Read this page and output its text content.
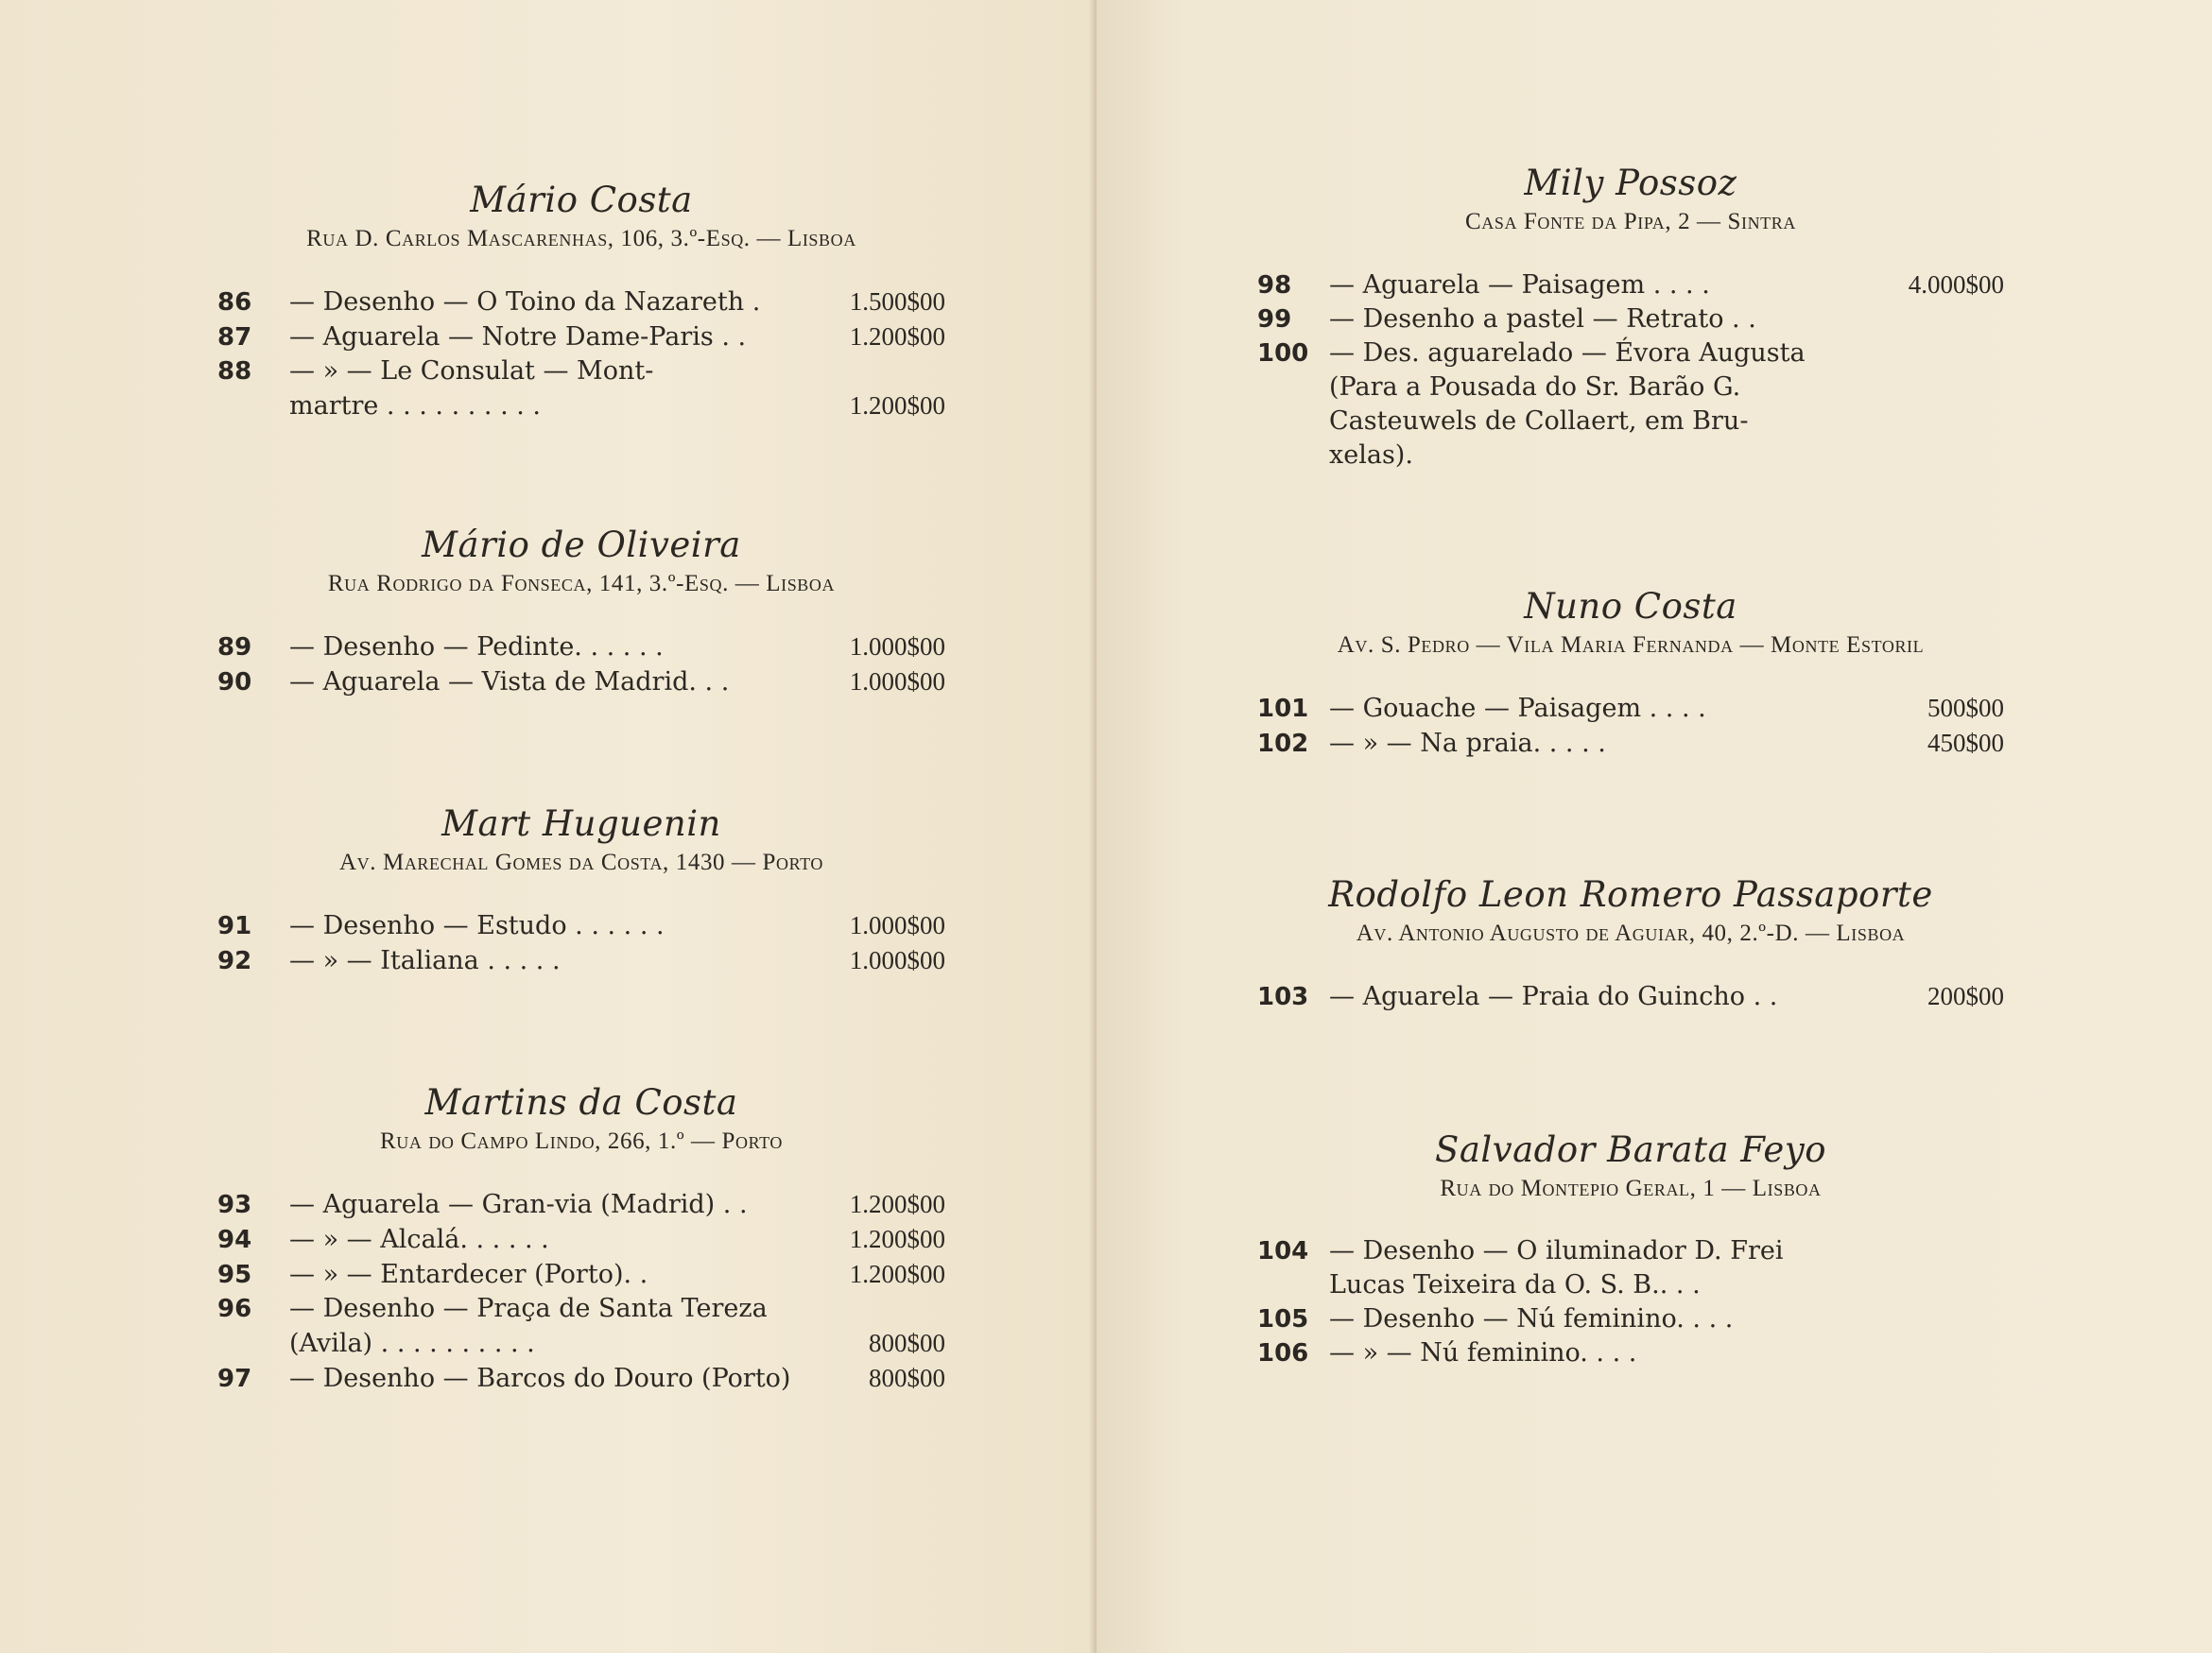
Mário Costa
Rua D. Carlos Mascarenhas, 106, 3.º-Esq. — Lisboa
86	— Desenho — O Toino da Nazareth .	1.500$00
87	— Aguarela — Notre Dame-Paris . .	1.200$00
88	— » — Le Consulat — Mont-
martre . . . . . . . . . .	1.200$00
Mário de Oliveira
Rua Rodrigo da Fonseca, 141, 3.º-Esq. — Lisboa
89	— Desenho — Pedinte. . . . . .	1.000$00
90	— Aguarela — Vista de Madrid. . .	1.000$00
Mart Huguenin
Av. Marechal Gomes da Costa, 1430 — Porto
91	— Desenho — Estudo . . . . . .	1.000$00
92	— » — Italiana . . . . .	1.000$00
Martins da Costa
Rua do Campo Lindo, 266, 1.º — Porto
93	— Aguarela — Gran-via (Madrid) . .	1.200$00
94	— » — Alcalá. . . . . .	1.200$00
95	— » — Entardecer (Porto). .	1.200$00
96	— Desenho — Praça de Santa Tereza
(Avila) . . . . . . . . . .	800$00
97	— Desenho — Barcos do Douro (Porto)	800$00
Mily Possoz
Casa Fonte da Pipa, 2 — Sintra
98	— Aguarela — Paisagem . . . .	4.000$00
99	— Desenho a pastel — Retrato . .
100 — Des. aguarelado — Évora Augusta
(Para a Pousada do Sr. Barão G.
Casteuwels de Collaert, em Bru-
xelas).
Nuno Costa
Av. S. Pedro — Vila Maria Fernanda — Monte Estoril
101 — Gouache — Paisagem . . . .	500$00
102 — » — Na praia. . . . .	450$00
Rodolfo Leon Romero Passaporte
Av. Antonio Augusto de Aguiar, 40, 2.º-D. — Lisboa
103 — Aguarela — Praia do Guincho . .	200$00
Salvador Barata Feyo
Rua do Montepio Geral, 1 — Lisboa
104 — Desenho — O iluminador D. Frei
Lucas Teixeira da O. S. B.. . .
105 — Desenho — Nú feminino. . . .
106 — » — Nú feminino. . . .
